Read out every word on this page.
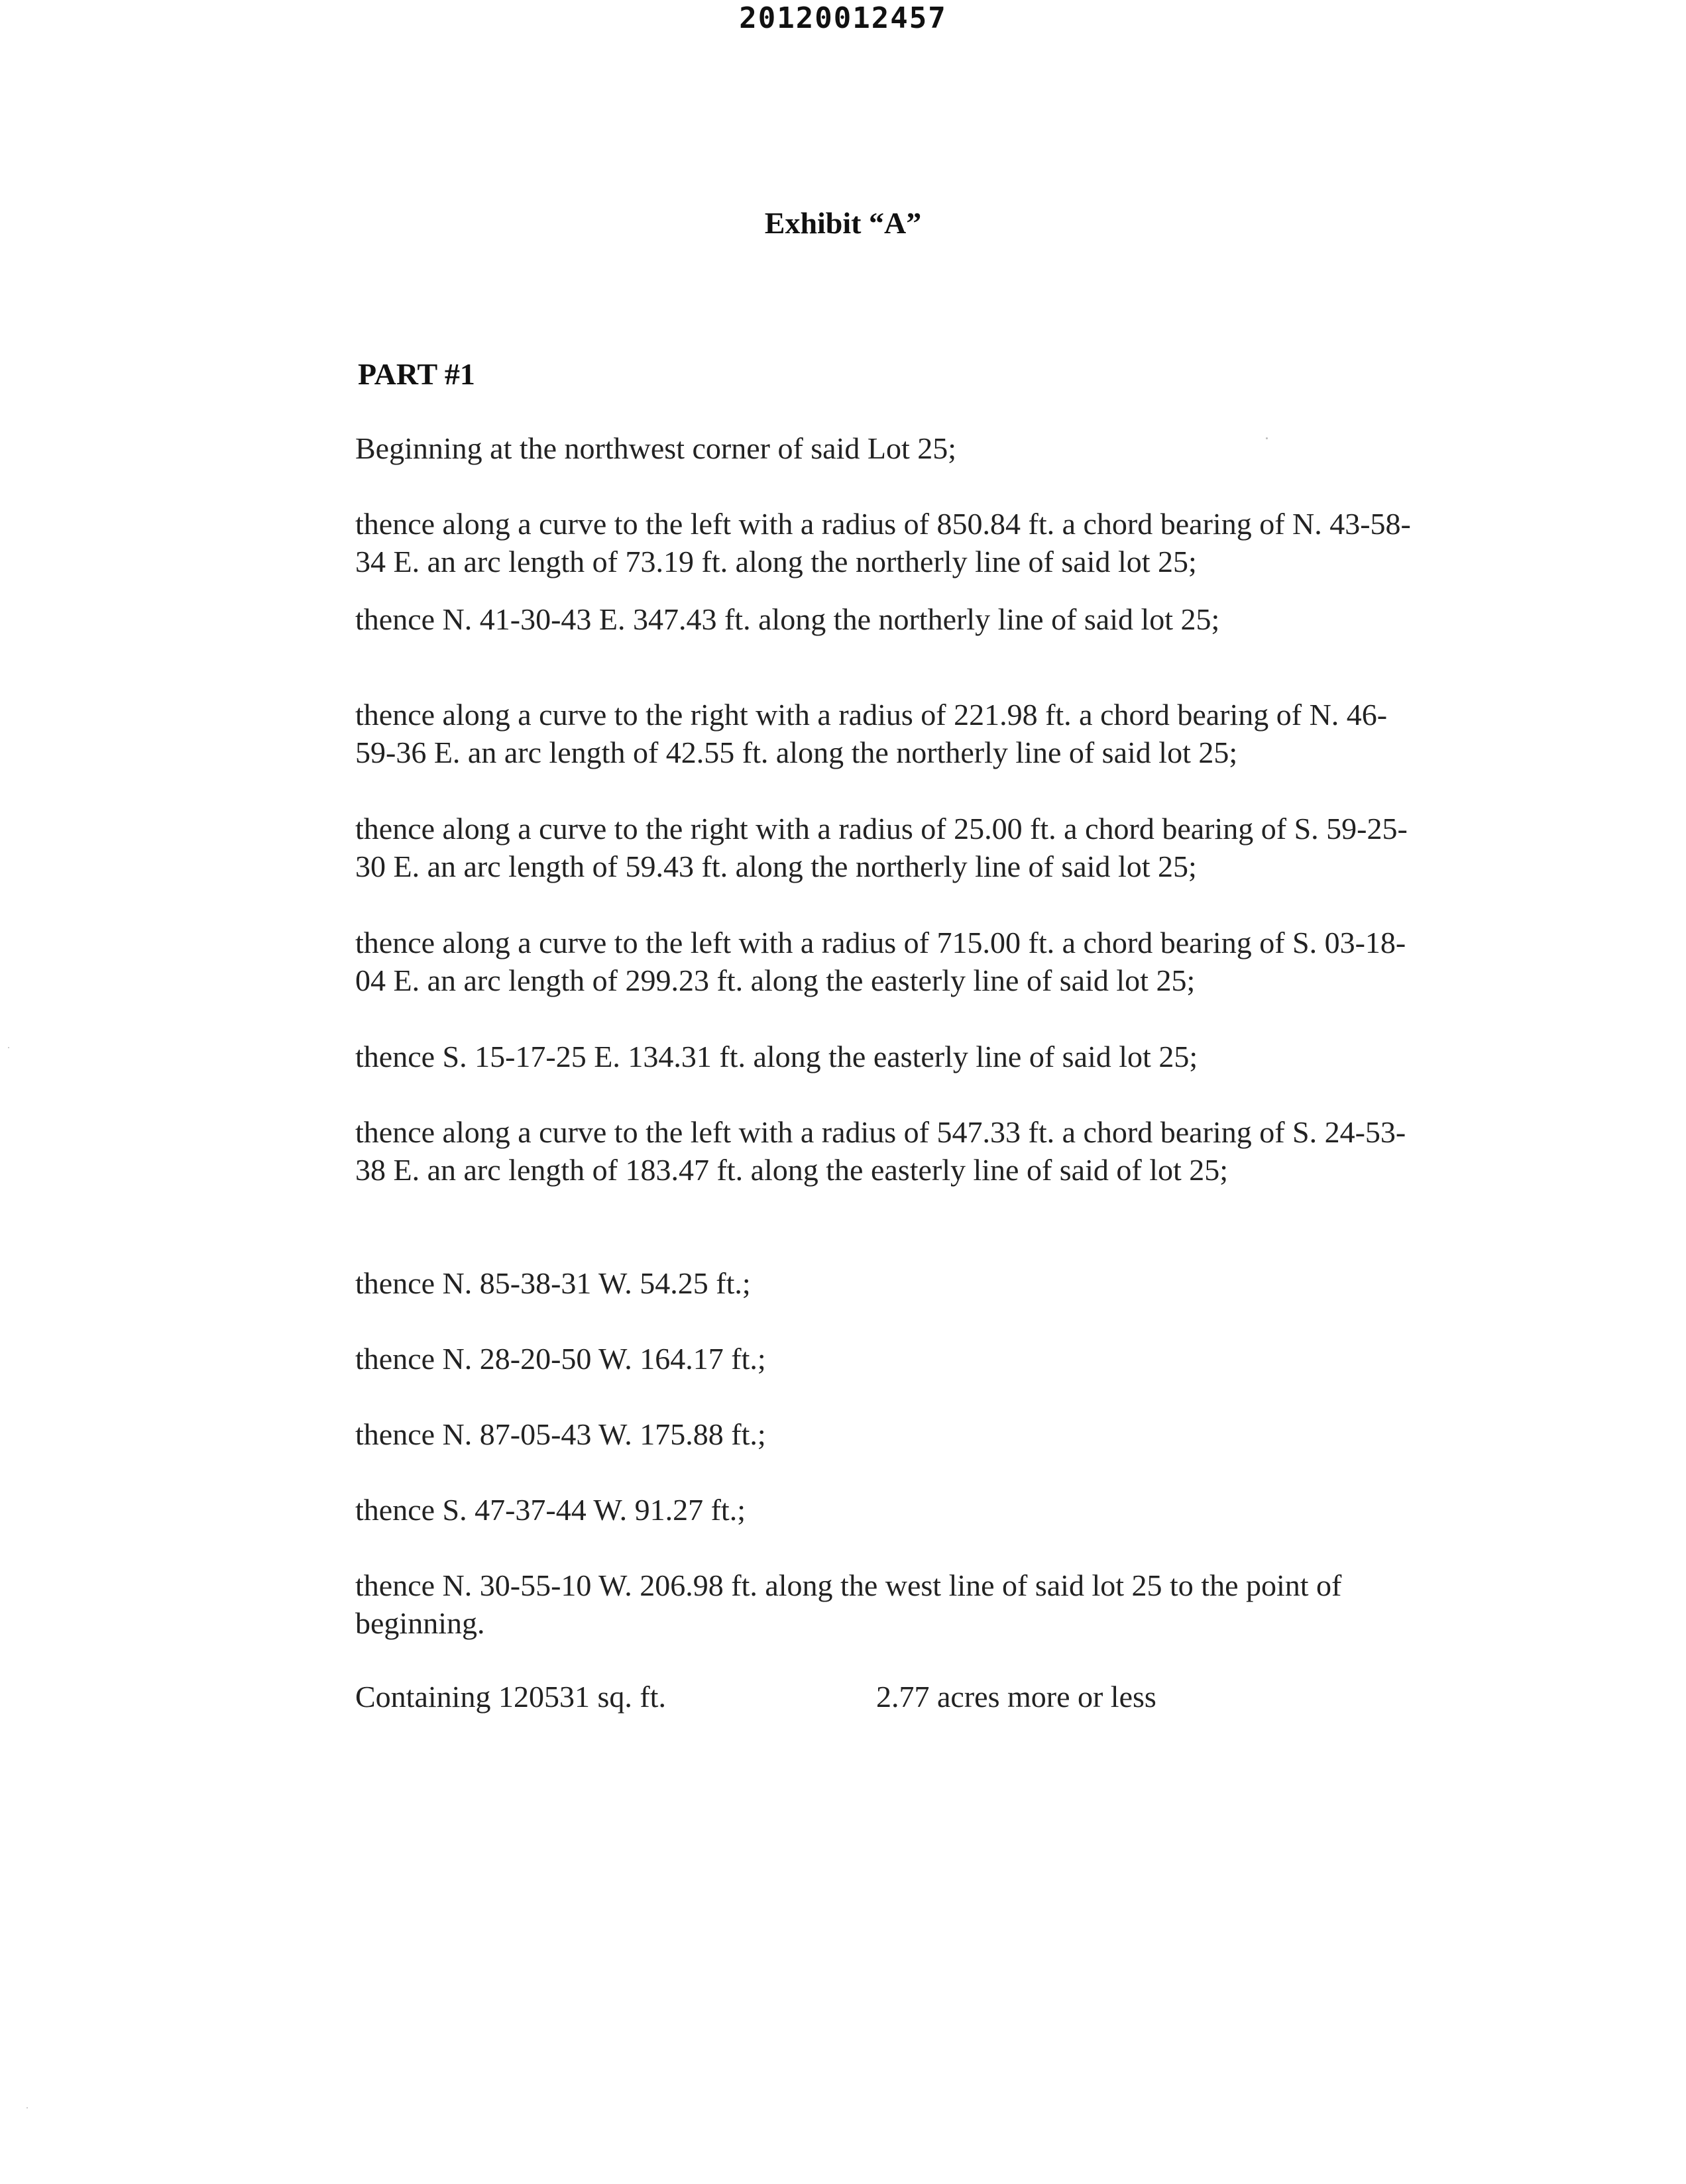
20120012457
Exhibit “A”
PART #1
Beginning at the northwest corner of said Lot 25;
thence along a curve to the left with a radius of 850.84 ft. a chord bearing of N. 43-58-34 E. an arc length of 73.19 ft. along the northerly line of said lot 25;
thence N. 41-30-43 E. 347.43 ft. along the northerly line of said lot 25;
thence along a curve to the right with a radius of 221.98 ft. a chord bearing of N. 46-59-36 E. an arc length of 42.55 ft. along the northerly line of said lot 25;
thence along a curve to the right with a radius of 25.00 ft. a chord bearing of S. 59-25-30 E. an arc length of 59.43 ft. along the northerly line of said lot 25;
thence along a curve to the left with a radius of 715.00 ft. a chord bearing of S. 03-18-04 E. an arc length of 299.23 ft. along the easterly line of said lot 25;
thence S. 15-17-25 E. 134.31 ft. along the easterly line of said lot 25;
thence along a curve to the left with a radius of 547.33 ft. a chord bearing of S. 24-53-38 E. an arc length of 183.47 ft. along the easterly line of said of lot 25;
thence N. 85-38-31 W. 54.25 ft.;
thence N. 28-20-50 W. 164.17 ft.;
thence N. 87-05-43 W. 175.88 ft.;
thence S. 47-37-44 W. 91.27 ft.;
thence N. 30-55-10 W. 206.98 ft. along the west line of said lot 25 to the point of beginning.
Containing 120531 sq. ft.	2.77 acres more or less
